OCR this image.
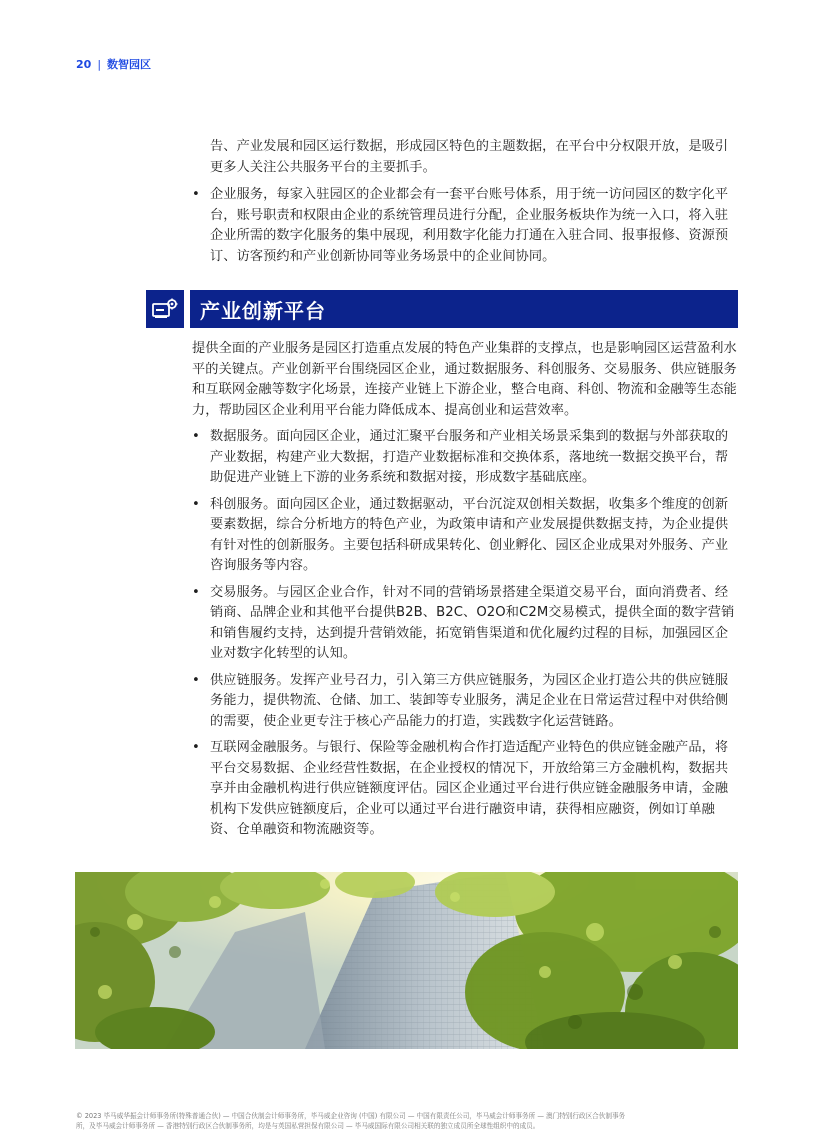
20 | 数智园区

告、产业发展和园区运行数据，形成园区特色的主题数据，在平台中分权限开放，是吸引更多人关注公共服务平台的主要抓手。

• 企业服务，每家入驻园区的企业都会有一套平台账号体系，用于统一访问园区的数字化平台，账号职责和权限由企业的系统管理员进行分配，企业服务板块作为统一入口，将入驻企业所需的数字化服务的集中展现，利用数字化能力打通在入驻合同、报事报修、资源预订、访客预约和产业创新协同等业务场景中的企业间协同。
产业创新平台

提供全面的产业服务是园区打造重点发展的特色产业集群的支撑点，也是影响园区运营盈利水平的关键点。产业创新平台围绕园区企业，通过数据服务、科创服务、交易服务、供应链服务和互联网金融等数字化场景，连接产业链上下游企业，整合电商、科创、物流和金融等生态能力，帮助园区企业利用平台能力降低成本、提高创业和运营效率。

• 数据服务。面向园区企业，通过汇聚平台服务和产业相关场景采集到的数据与外部获取的产业数据，构建产业大数据，打造产业数据标准和交换体系，落地统一数据交换平台，帮助促进产业链上下游的业务系统和数据对接，形成数字基础底座。
• 科创服务。面向园区企业，通过数据驱动，平台沉淀双创相关数据，收集多个维度的创新要素数据，综合分析地方的特色产业，为政策申请和产业发展提供数据支持，为企业提供有针对性的创新服务。主要包括科研成果转化、创业孵化、园区企业成果对外服务、产业咨询服务等内容。
• 交易服务。与园区企业合作，针对不同的营销场景搭建全渠道交易平台，面向消费者、经销商、品牌企业和其他平台提供B2B、B2C、O2O和C2M交易模式，提供全面的数字营销和销售履约支持，达到提升营销效能，拓宽销售渠道和优化履约过程的目标，加强园区企业对数字化转型的认知。
• 供应链服务。发挥产业号召力，引入第三方供应链服务，为园区企业打造公共的供应链服务能力，提供物流、仓储、加工、装卸等专业服务，满足企业在日常运营过程中对供给侧的需要，使企业更专注于核心产品能力的打造，实践数字化运营链路。
• 互联网金融服务。与银行、保险等金融机构合作打造适配产业特色的供应链金融产品，将平台交易数据、企业经营性数据，在企业授权的情况下，开放给第三方金融机构，数据共享并由金融机构进行供应链额度评估。园区企业通过平台进行供应链金融服务申请，金融机构下发供应链额度后，企业可以通过平台进行融资申请，获得相应融资，例如订单融资、仓单融资和物流融资等。
© 2023 毕马威华振会计师事务所(特殊普通合伙) — 中国合伙制会计师事务所，毕马威企业咨询 (中国) 有限公司 — 中国有限责任公司，毕马威会计师事务所 — 澳门特别行政区合伙制事务
所，及毕马威会计师事务所 — 香港特别行政区合伙制事务所，均是与英国私营担保有限公司 — 毕马威国际有限公司相关联的独立成员所全球性组织中的成员。
